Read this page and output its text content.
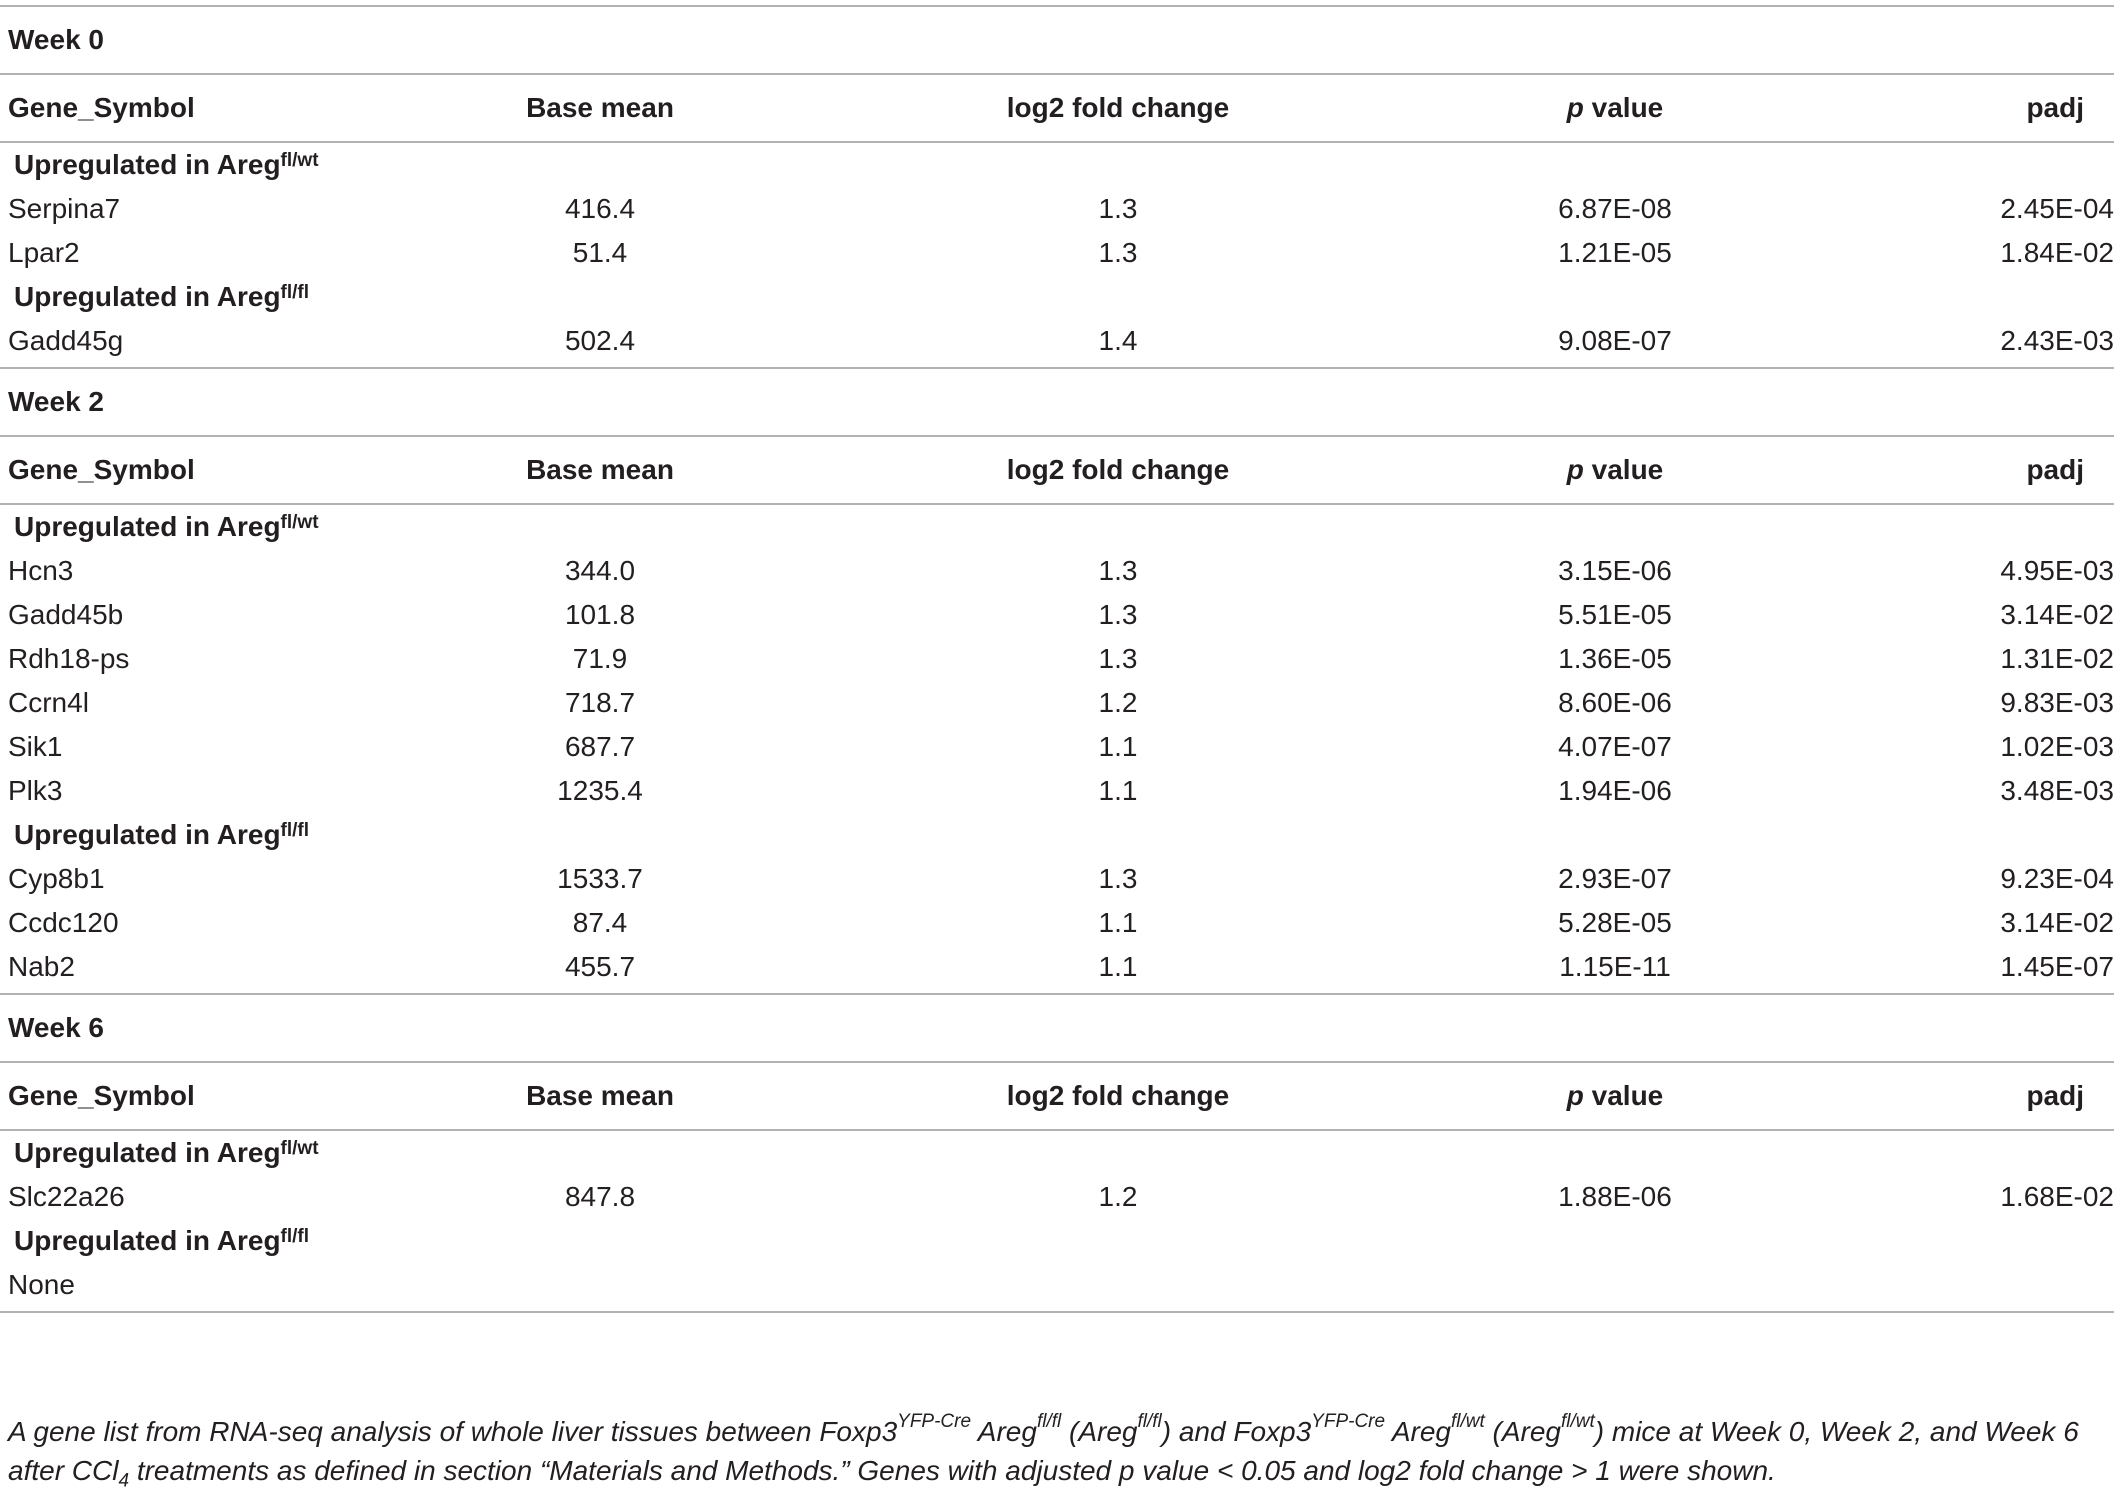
Week 0
Gene_Symbol	Base mean	log2 fold change	p value	padj
Upregulated in Areg$^{fl/wt}$
Serpina7	416.4	1.3	6.87E-08	2.45E-04
Lpar2	51.4	1.3	1.21E-05	1.84E-02
Upregulated in Areg$^{fl/fl}$
Gadd45g	502.4	1.4	9.08E-07	2.43E-03
Week 2
Gene_Symbol	Base mean	log2 fold change	p value	padj
Upregulated in Areg$^{fl/wt}$
Hcn3	344.0	1.3	3.15E-06	4.95E-03
Gadd45b	101.8	1.3	5.51E-05	3.14E-02
Rdh18-ps	71.9	1.3	1.36E-05	1.31E-02
Ccrn4l	718.7	1.2	8.60E-06	9.83E-03
Sik1	687.7	1.1	4.07E-07	1.02E-03
Plk3	1235.4	1.1	1.94E-06	3.48E-03
Upregulated in Areg$^{fl/fl}$
Cyp8b1	1533.7	1.3	2.93E-07	9.23E-04
Ccdc120	87.4	1.1	5.28E-05	3.14E-02
Nab2	455.7	1.1	1.15E-11	1.45E-07
Week 6
Gene_Symbol	Base mean	log2 fold change	p value	padj
Upregulated in Areg$^{fl/wt}$
Slc22a26	847.8	1.2	1.88E-06	1.68E-02
Upregulated in Areg$^{fl/fl}$
None
A gene list from RNA-seq analysis of whole liver tissues between $Foxp3^{YFP-Cre}$ Areg$^{fl/fl}$ (Areg$^{fl/fl}$) and $Foxp3^{YFP-Cre}$ Areg$^{fl/wt}$ (Areg$^{fl/wt}$) mice at Week 0, Week 2, and Week 6 after CCl$_4$ treatments as defined in section “Materials and Methods.” Genes with adjusted p value < 0.05 and log2 fold change > 1 were shown.
